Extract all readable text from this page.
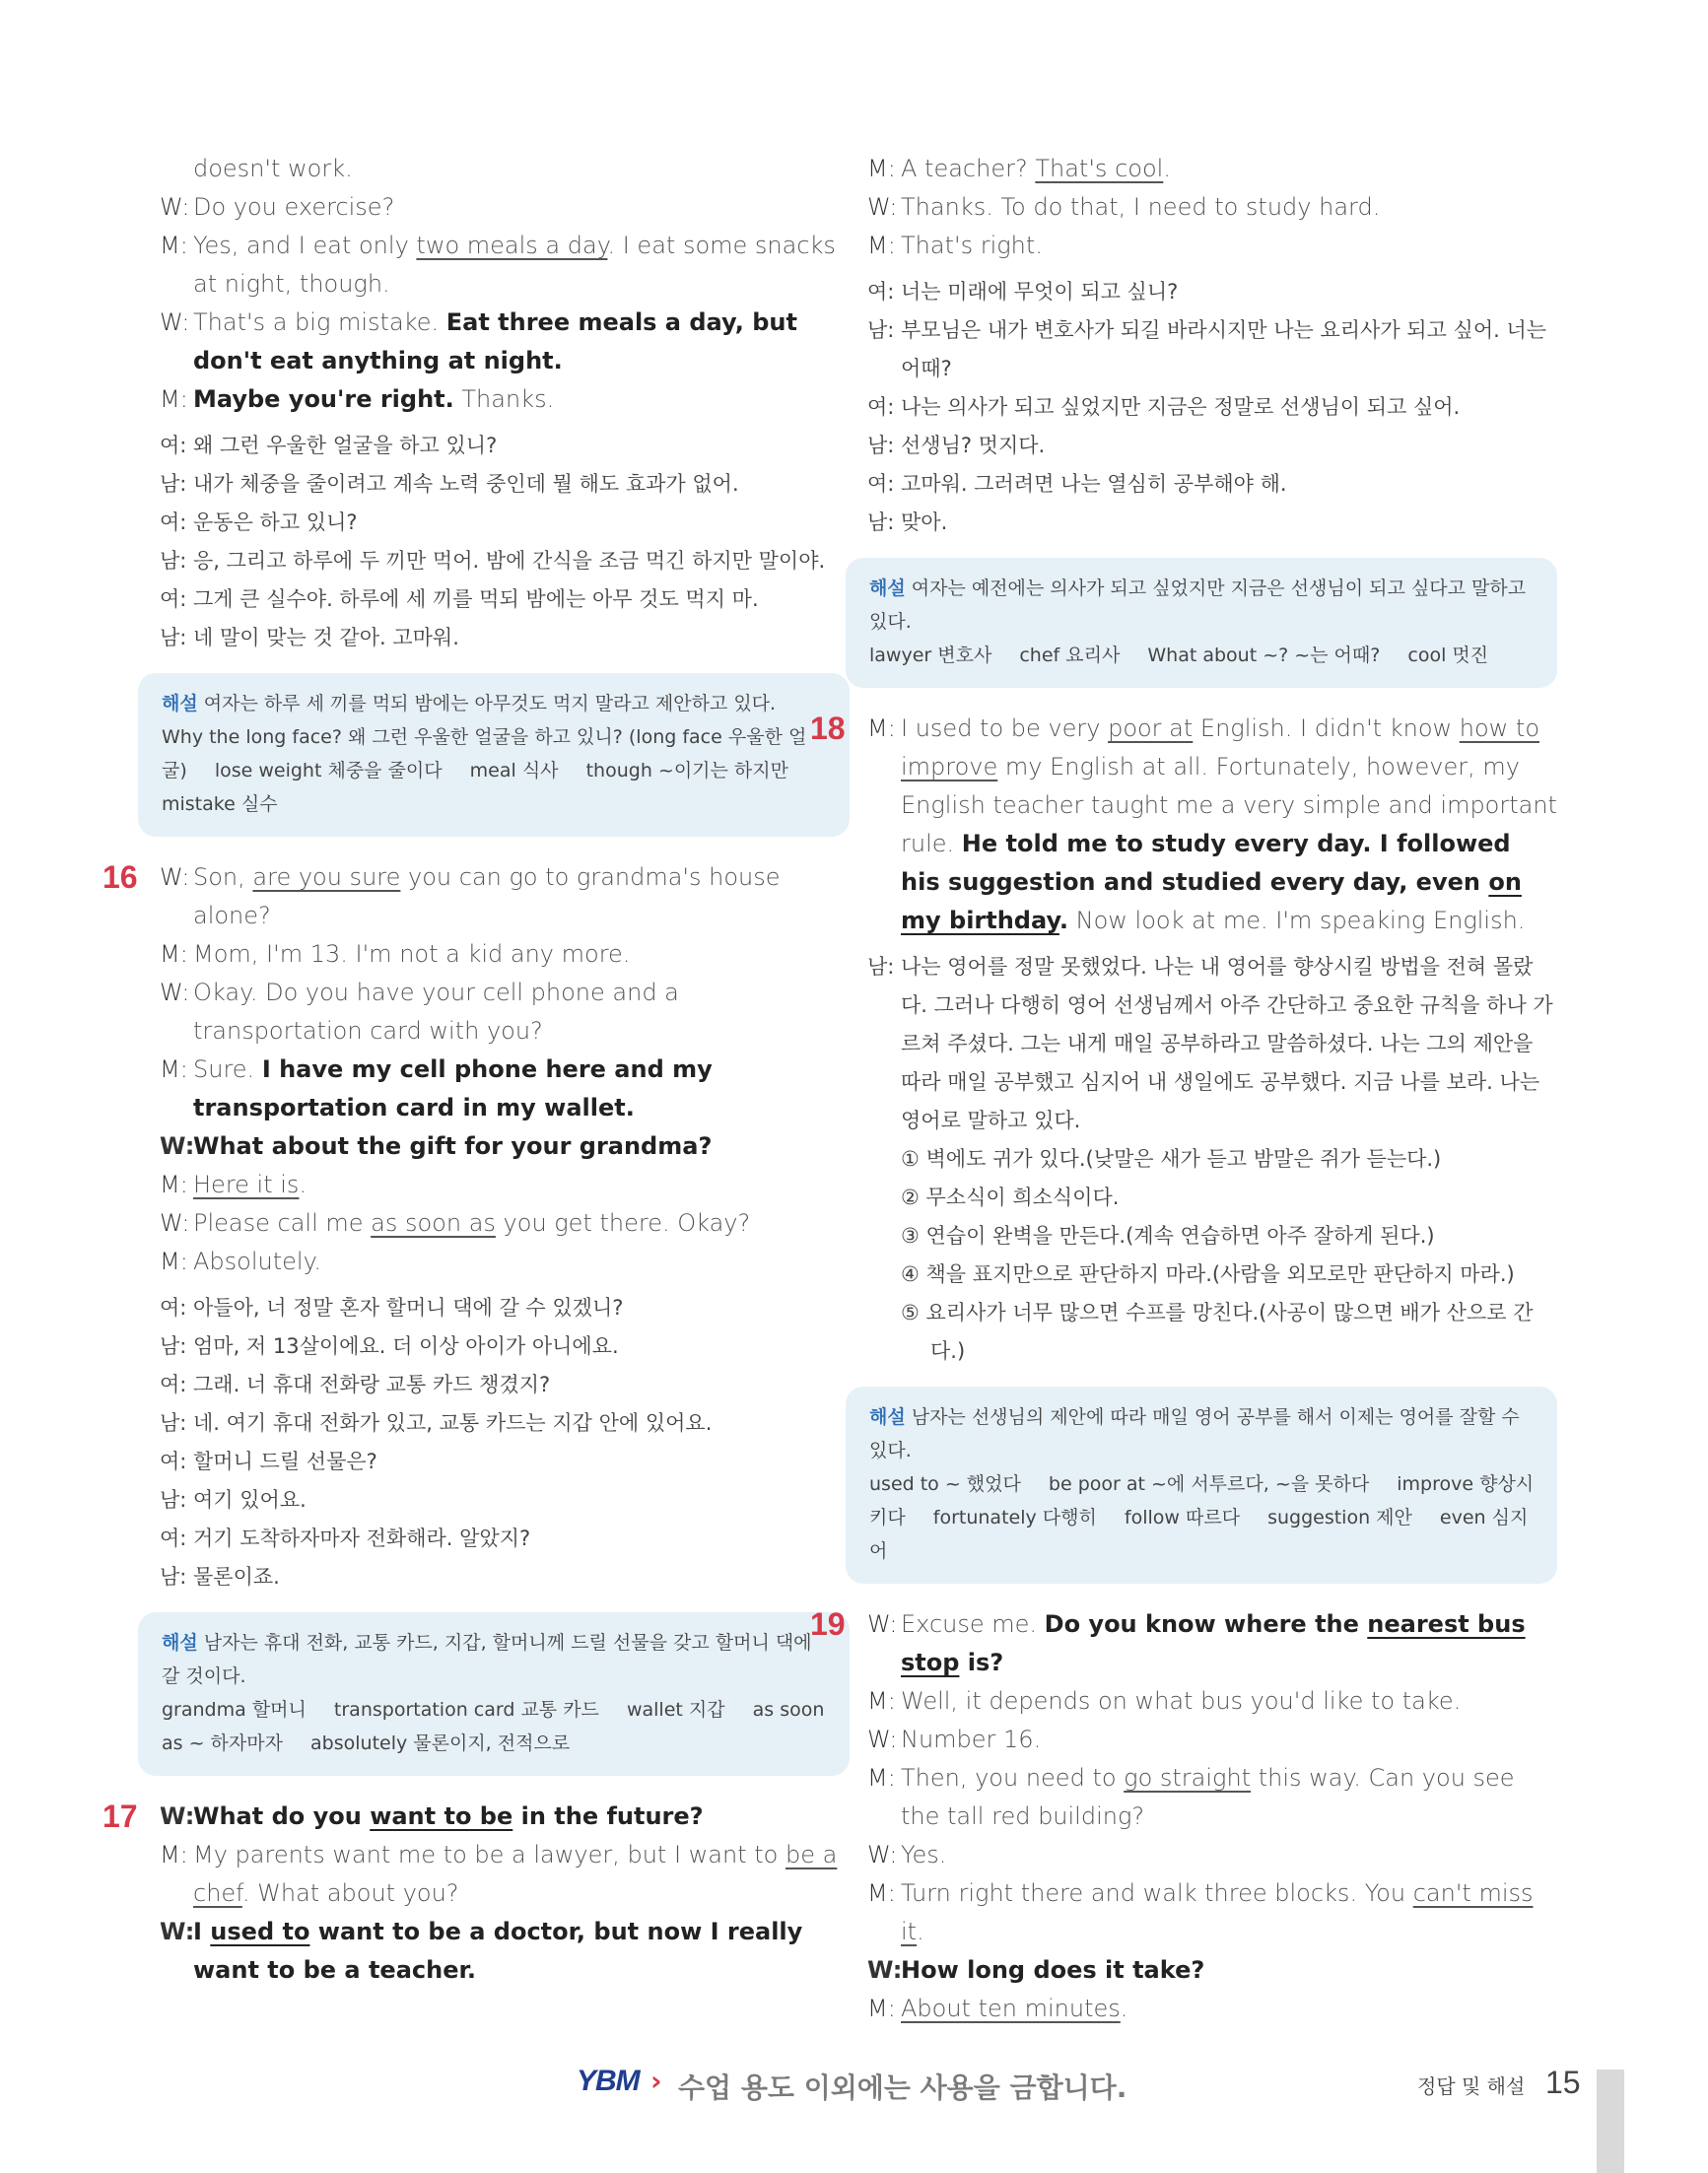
doesn't work.
W: Do you exercise?
M: Yes, and I eat only two meals a day. I eat some snacks at night, though.
W: That's a big mistake. Eat three meals a day, but don't eat anything at night.
M: Maybe you're right. Thanks.
여: 왜 그런 우울한 얼굴을 하고 있니?
남: 내가 체중을 줄이려고 계속 노력 중인데 뭘 해도 효과가 없어.
여: 운동은 하고 있니?
남: 응, 그리고 하루에 두 끼만 먹어. 밤에 간식을 조금 먹긴 하지만 말이야.
여: 그게 큰 실수야. 하루에 세 끼를 먹되 밤에는 아무 것도 먹지 마.
남: 네 말이 맞는 것 같아. 고마워.
해설 여자는 하루 세 끼를 먹되 밤에는 아무것도 먹지 말라고 제안하고 있다.
Why the long face? 왜 그런 우울한 얼굴을 하고 있니? (long face 우울한 얼굴) lose weight 체중을 줄이다 meal 식사 though ~이기는 하지만 mistake 실수
16 W: Son, are you sure you can go to grandma's house alone?
M: Mom, I'm 13. I'm not a kid any more.
W: Okay. Do you have your cell phone and a transportation card with you?
M: Sure. I have my cell phone here and my transportation card in my wallet.
W:
What about the gift for your grandma?
M: Here it is.
W: Please call me as soon as you get there. Okay?
M: Absolutely.
여: 아들아, 너 정말 혼자 할머니 댁에 갈 수 있겠니?
남: 엄마, 저 13살이에요. 더 이상 아이가 아니에요.
여: 그래. 너 휴대 전화랑 교통 카드 챙겼지?
남: 네. 여기 휴대 전화가 있고, 교통 카드는 지갑 안에 있어요.
여: 할머니 드릴 선물은?
남: 여기 있어요.
여: 거기 도착하자마자 전화해라. 알았지?
남: 물론이죠.
해설 남자는 휴대 전화, 교통 카드, 지갑, 할머니께 드릴 선물을 갖고 할머니 댁에 갈 것이다.
grandma 할머니 transportation card 교통 카드 wallet 지갑 as soon as ~ 하자마자 absolutely 물론이지, 전적으로
17 W:
What do you want to be in the future?
M: My parents want me to be a lawyer, but I want to be a chef. What about you?
W:
I used to want to be a doctor, but now I really want to be a teacher.
M: A teacher? That's cool.
W: Thanks. To do that, I need to study hard.
M: That's right.
여: 너는 미래에 무엇이 되고 싶니?
남: 부모님은 내가 변호사가 되길 바라시지만 나는 요리사가 되고 싶어. 너는 어때?
여: 나는 의사가 되고 싶었지만 지금은 정말로 선생님이 되고 싶어.
남: 선생님? 멋지다.
여: 고마워. 그러려면 나는 열심히 공부해야 해.
남: 맞아.
해설 여자는 예전에는 의사가 되고 싶었지만 지금은 선생님이 되고 싶다고 말하고 있다.
lawyer 변호사 chef 요리사 What about ~? ~는 어때? cool 멋진
18 M: I used to be very poor at English. I didn't know how to improve my English at all. Fortunately, however, my English teacher taught me a very simple and important rule. He told me to study every day. I followed his suggestion and studied every day, even on my birthday. Now look at me. I'm speaking English.
남: 나는 영어를 정말 못했었다. 나는 내 영어를 향상시킬 방법을 전혀 몰랐다. 그러나 다행히 영어 선생님께서 아주 간단하고 중요한 규칙을 하나 가르쳐 주셨다. 그는 내게 매일 공부하라고 말씀하셨다. 나는 그의 제안을 따라 매일 공부했고 심지어 내 생일에도 공부했다. 지금 나를 보라. 나는 영어로 말하고 있다.
① 벽에도 귀가 있다.(낮말은 새가 듣고 밤말은 쥐가 듣는다.)
② 무소식이 희소식이다.
③ 연습이 완벽을 만든다.(계속 연습하면 아주 잘하게 된다.)
④ 책을 표지만으로 판단하지 마라.(사람을 외모로만 판단하지 마라.)
⑤ 요리사가 너무 많으면 수프를 망친다.(사공이 많으면 배가 산으로 간다.)
해설 남자는 선생님의 제안에 따라 매일 영어 공부를 해서 이제는 영어를 잘할 수 있다.
used to ~ 했었다 be poor at ~에 서투르다, ~을 못하다 improve 향상시키다 fortunately 다행히 follow 따르다 suggestion 제안 even 심지어
19 W: Excuse me. Do you know where the nearest bus stop is?
M: Well, it depends on what bus you'd like to take.
W: Number 16.
M: Then, you need to go straight this way. Can you see the tall red building?
W: Yes.
M: Turn right there and walk three blocks. You can't miss it.
W:
How long does it take?
M: About ten minutes.
YBM › 수업 용도 이외에는 사용을 금합니다.	정답 및 해설 15
